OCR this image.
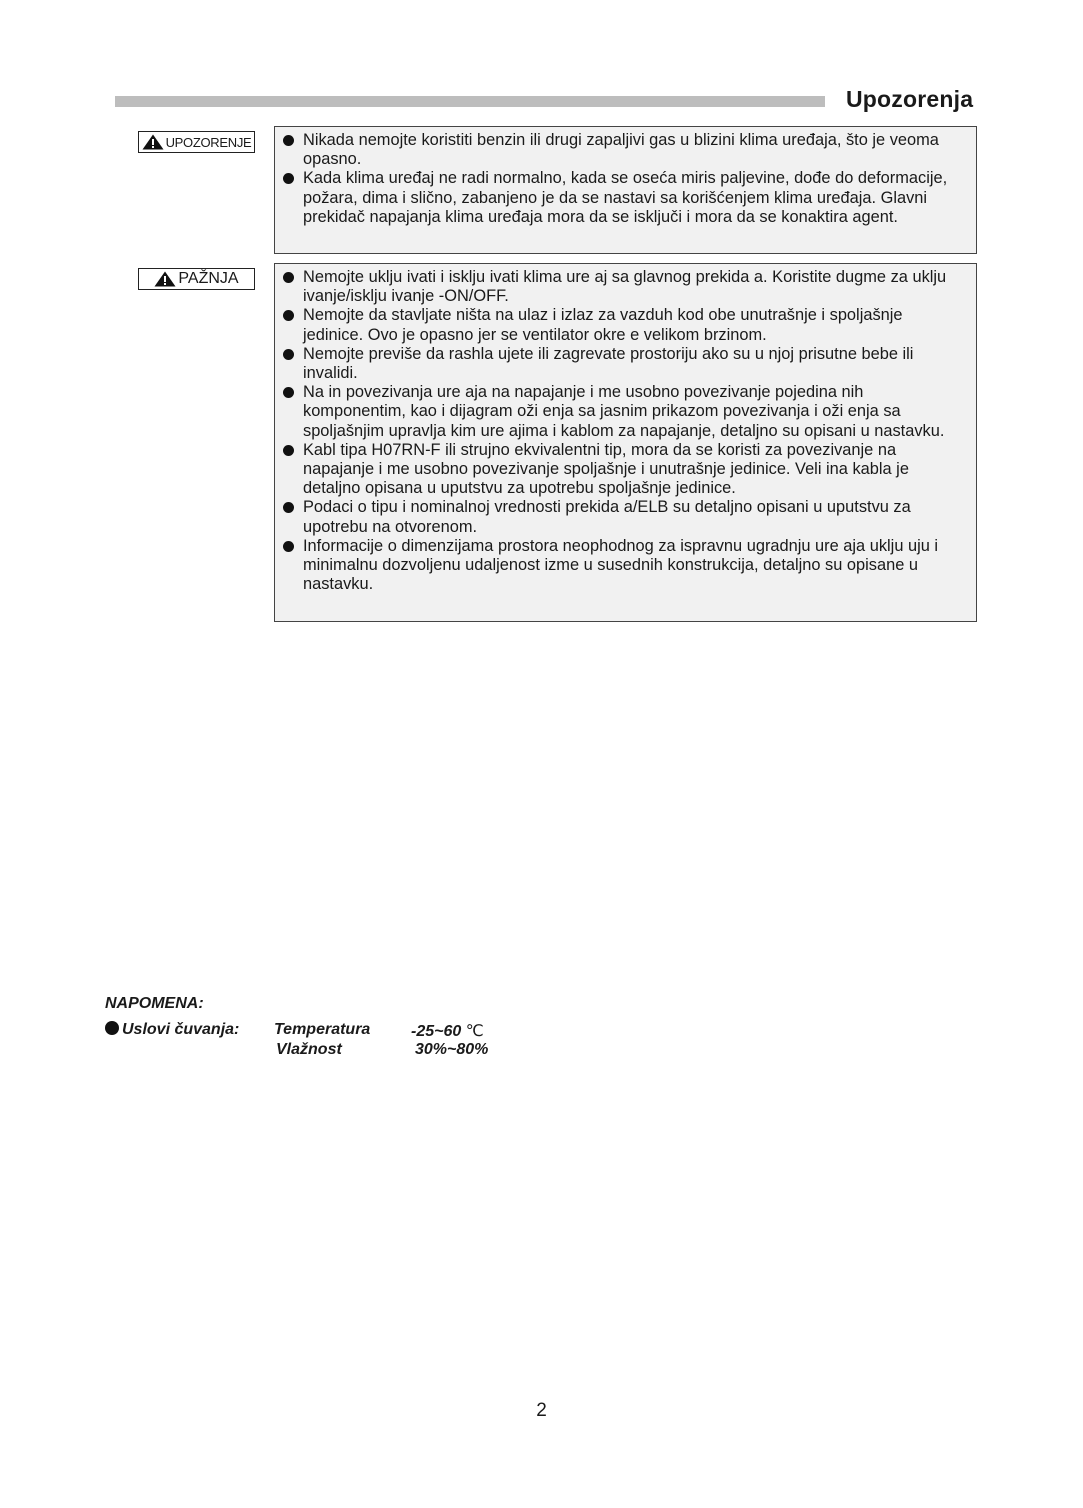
Upozorenja
UPOZORENJE	Nikada nemojte koristiti benzin ili drugi zapaljivi gas u blizini klima uređaja, što je veoma opasno.
Kada klima uređaj ne radi normalno, kada se oseća miris paljevine, dođe do deformacije, požara, dima i slično, zabanjeno je da se nastavi sa korišćenjem klima uređaja. Glavni prekidač napajanja klima uređaja mora da se isključi i mora da se konaktira agent.
PAŽNJA	Nemojte uklju ivati i isklju ivati klima ure aj sa glavnog prekida a. Koristite dugme za uklju ivanje/isklju ivanje -ON/OFF.
Nemojte da stavljate ništa na ulaz i izlaz za vazduh kod obe unutrašnje i spoljašnje jedinice. Ovo je opasno jer se ventilator okre e velikom brzinom.
Nemojte previše da rashla ujete ili zagrevate prostoriju ako su u njoj prisutne bebe ili invalidi.
Na in povezivanja ure aja na napajanje i me usobno povezivanje pojedina nih komponentim, kao i dijagram oži enja sa jasnim prikazom povezivanja i oži enja sa spoljašnjim upravlja kim ure ajima i kablom za napajanje, detaljno su opisani u nastavku.
Kabl tipa H07RN-F ili strujno ekvivalentni tip, mora da se koristi za povezivanje na napajanje i me usobno povezivanje spoljašnje i unutrašnje jedinice. Veli ina kabla je detaljno opisana u uputstvu za upotrebu spoljašnje jedinice.
Podaci o tipu i nominalnoj vrednosti prekida a/ELB su detaljno opisani u uputstvu za upotrebu na otvorenom.
Informacije o dimenzijama prostora neophodnog za ispravnu ugradnju ure aja uklju uju i minimalnu dozvoljenu udaljenost izme u susednih konstrukcija, detaljno su opisane u nastavku.
NAPOMENA:
Uslovi čuvanja: Temperatura	-25~60 ℃
Vlažnost	30%~80%
2
